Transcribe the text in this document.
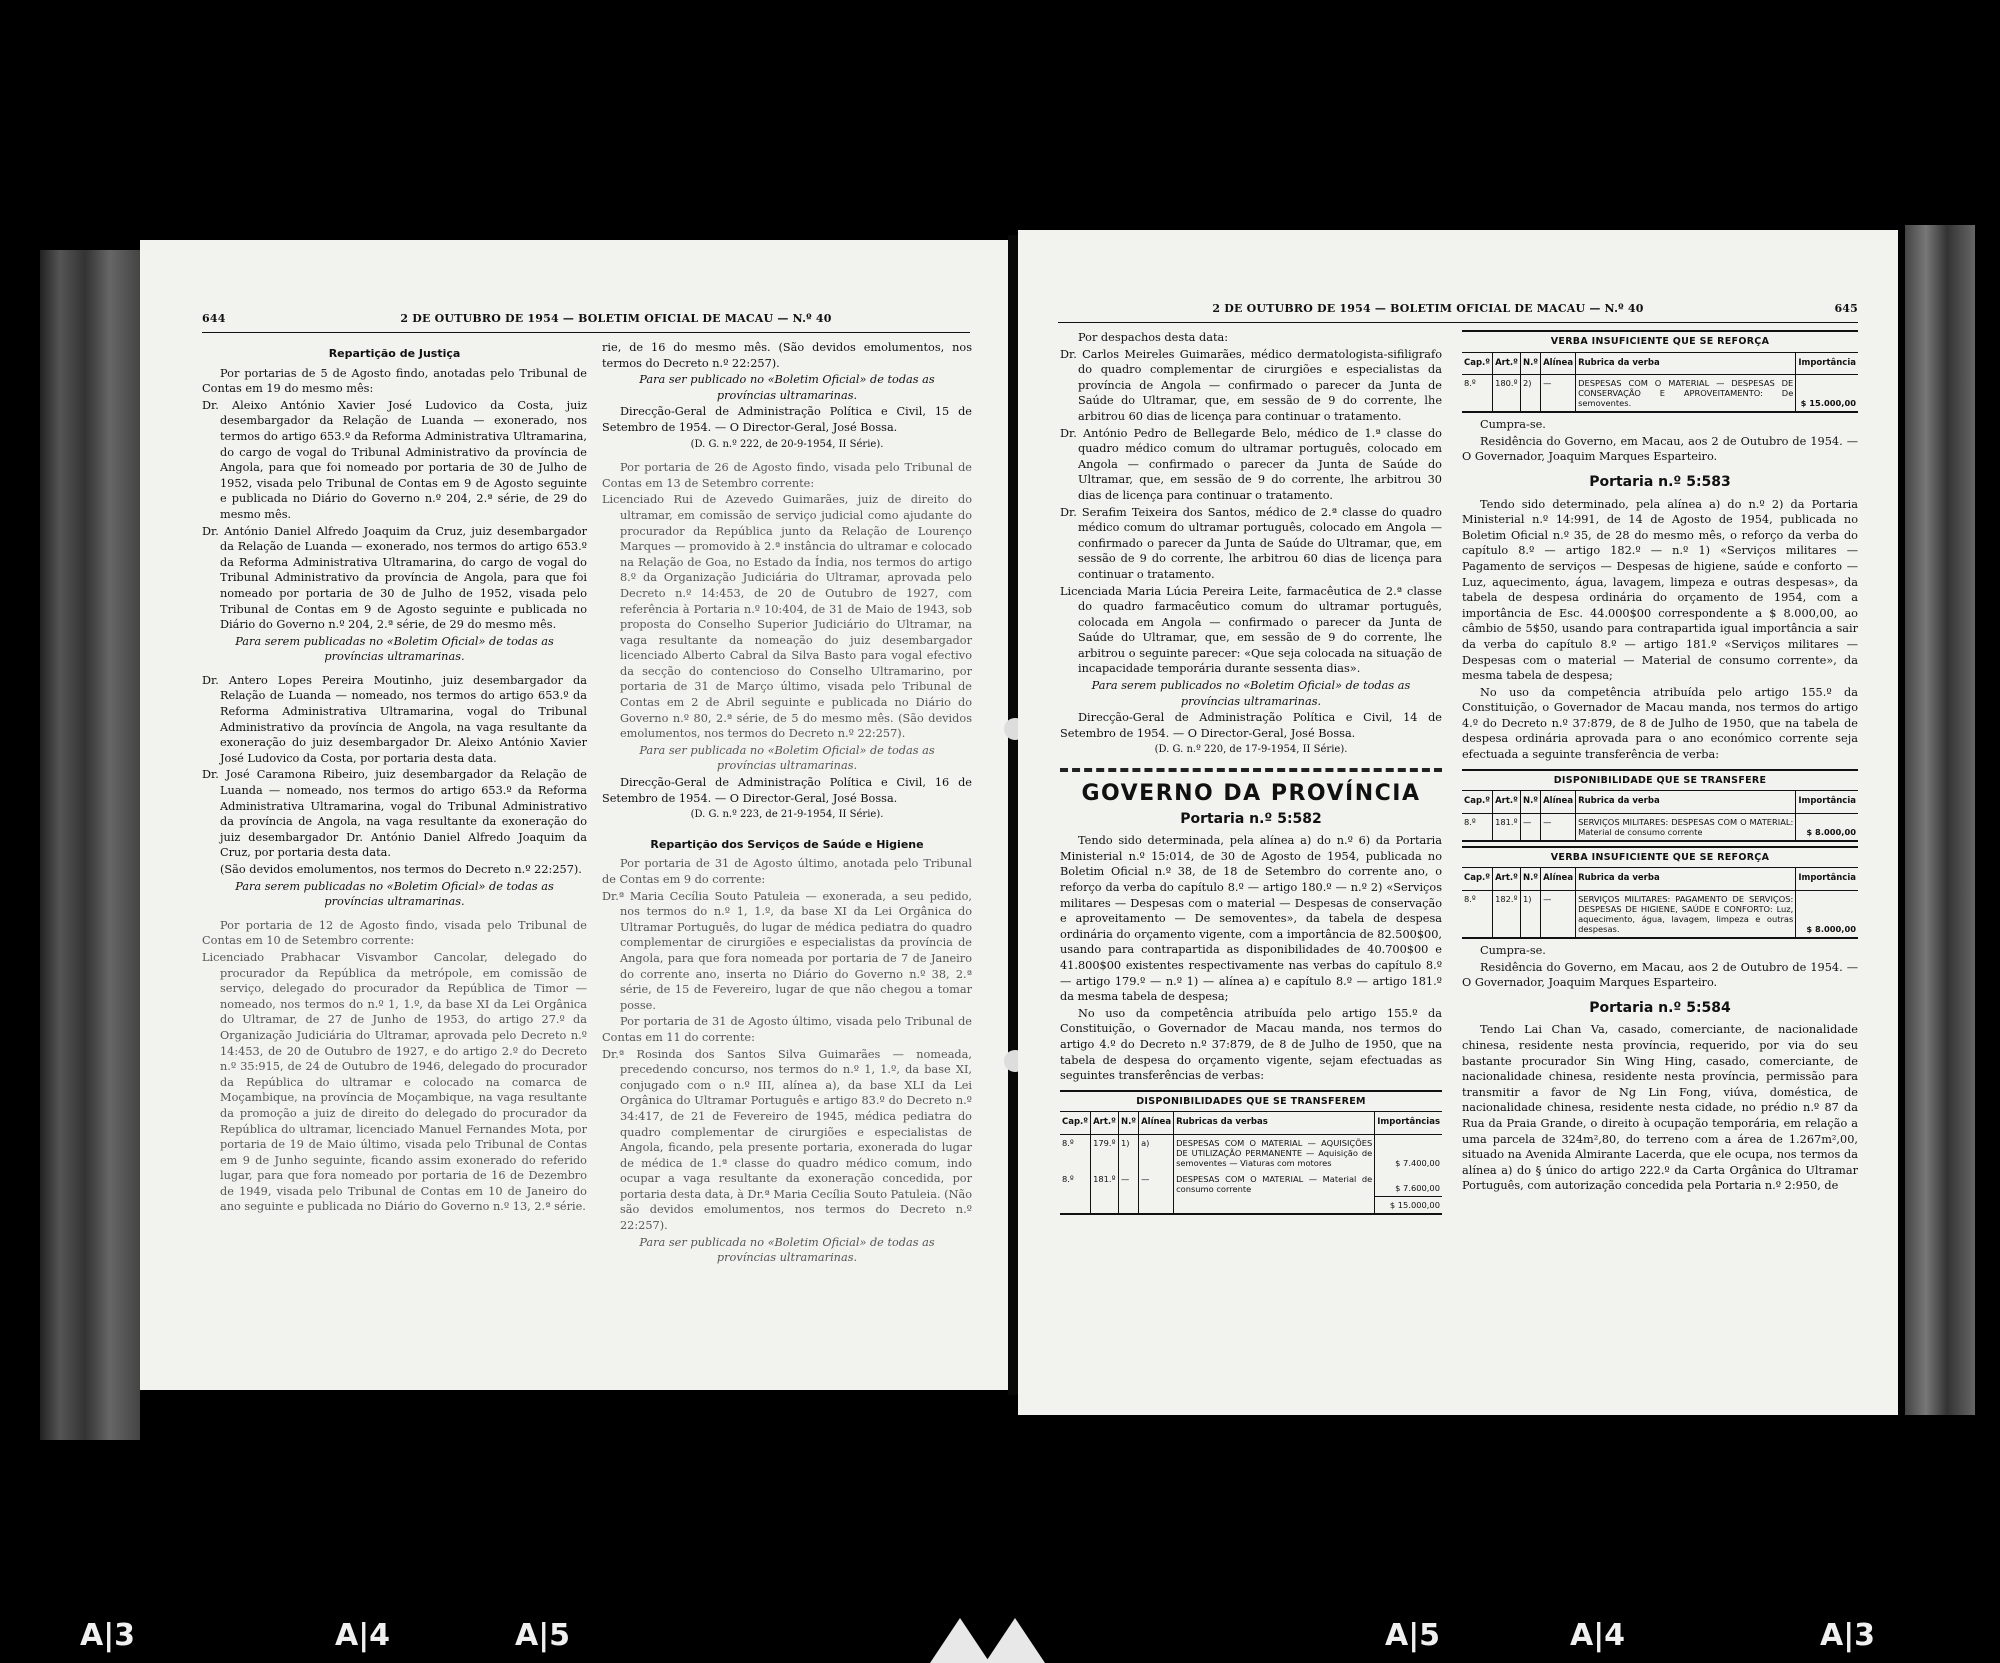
644	2 DE OUTUBRO DE 1954 — BOLETIM OFICIAL DE MACAU — N.º 40
Repartição de Justiça

Por portarias de 5 de Agosto findo, anotadas pelo Tribunal de Contas em 19 do mesmo mês:

Dr. Aleixo António Xavier José Ludovico da Costa, juiz desembargador da Relação de Luanda — exonerado, nos termos do artigo 653.º da Reforma Administrativa Ultramarina, do cargo de vogal do Tribunal Administrativo da província de Angola, para que foi nomeado por portaria de 30 de Julho de 1952, visada pelo Tribunal de Contas em 9 de Agosto seguinte e publicada no Diário do Governo n.º 204, 2.ª série, de 29 do mesmo mês.

Dr. António Daniel Alfredo Joaquim da Cruz, juiz desembargador da Relação de Luanda — exonerado, nos termos do artigo 653.º da Reforma Administrativa Ultramarina, do cargo de vogal do Tribunal Administrativo da província de Angola, para que foi nomeado por portaria de 30 de Julho de 1952, visada pelo Tribunal de Contas em 9 de Agosto seguinte e publicada no Diário do Governo n.º 204, 2.ª série, de 29 do mesmo mês.

Para serem publicadas no «Boletim Oficial» de todas as províncias ultramarinas.

Dr. Antero Lopes Pereira Moutinho, juiz desembargador da Relação de Luanda — nomeado, nos termos do artigo 653.º da Reforma Administrativa Ultramarina, vogal do Tribunal Administrativo da província de Angola, na vaga resultante da exoneração do juiz desembargador Dr. Aleixo António Xavier José Ludovico da Costa, por portaria desta data.

Dr. José Caramona Ribeiro, juiz desembargador da Relação de Luanda — nomeado, nos termos do artigo 653.º da Reforma Administrativa Ultramarina, vogal do Tribunal Administrativo da província de Angola, na vaga resultante da exoneração do juiz desembargador Dr. António Daniel Alfredo Joaquim da Cruz, por portaria desta data.

(São devidos emolumentos, nos termos do Decreto n.º 22:257).

Para serem publicadas no «Boletim Oficial» de todas as províncias ultramarinas.

Por portaria de 12 de Agosto findo, visada pelo Tribunal de Contas em 10 de Setembro corrente:

Licenciado Prabhacar Visvambor Cancolar, delegado do procurador da República da metrópole, em comissão de serviço, delegado do procurador da República de Timor — nomeado, nos termos do n.º 1, 1.º, da base XI da Lei Orgânica do Ultramar, de 27 de Junho de 1953, do artigo 27.º da Organização Judiciária do Ultramar, aprovada pelo Decreto n.º 14:453, de 20 de Outubro de 1927, e do artigo 2.º do Decreto n.º 35:915, de 24 de Outubro de 1946, delegado do procurador da República do ultramar e colocado na comarca de Moçambique, na província de Moçambique, na vaga resultante da promoção a juiz de direito do delegado do procurador da República do ultramar, licenciado Manuel Fernandes Mota, por portaria de 19 de Maio último, visada pelo Tribunal de Contas em 9 de Junho seguinte, ficando assim exonerado do referido lugar, para que fora nomeado por portaria de 16 de Dezembro de 1949, visada pelo Tribunal de Contas em 10 de Janeiro do ano seguinte e publicada no Diário do Governo n.º 13, 2.ª série.

rie, de 16 do mesmo mês. (São devidos emolumentos, nos termos do Decreto n.º 22:257).

Para ser publicado no «Boletim Oficial» de todas as províncias ultramarinas.

Direcção-Geral de Administração Política e Civil, 15 de Setembro de 1954. — O Director-Geral, José Bossa.

(D. G. n.º 222, de 20-9-1954, II Série).

Por portaria de 26 de Agosto findo, visada pelo Tribunal de Contas em 13 de Setembro corrente:

Licenciado Rui de Azevedo Guimarães, juiz de direito do ultramar, em comissão de serviço judicial como ajudante do procurador da República junto da Relação de Lourenço Marques — promovido à 2.ª instância do ultramar e colocado na Relação de Goa, no Estado da Índia, nos termos do artigo 8.º da Organização Judiciária do Ultramar, aprovada pelo Decreto n.º 14:453, de 20 de Outubro de 1927, com referência à Portaria n.º 10:404, de 31 de Maio de 1943, sob proposta do Conselho Superior Judiciário do Ultramar, na vaga resultante da nomeação do juiz desembargador licenciado Alberto Cabral da Silva Basto para vogal efectivo da secção do contencioso do Conselho Ultramarino, por portaria de 31 de Março último, visada pelo Tribunal de Contas em 2 de Abril seguinte e publicada no Diário do Governo n.º 80, 2.ª série, de 5 do mesmo mês. (São devidos emolumentos, nos termos do Decreto n.º 22:257).

Para ser publicada no «Boletim Oficial» de todas as províncias ultramarinas.

Direcção-Geral de Administração Política e Civil, 16 de Setembro de 1954. — O Director-Geral, José Bossa.

(D. G. n.º 223, de 21-9-1954, II Série).

Repartição dos Serviços de Saúde e Higiene

Por portaria de 31 de Agosto último, anotada pelo Tribunal de Contas em 9 do corrente:

Dr.ª Maria Cecília Souto Patuleia — exonerada, a seu pedido, nos termos do n.º 1, 1.º, da base XI da Lei Orgânica do Ultramar Português, do lugar de médica pediatra do quadro complementar de cirurgiões e especialistas da província de Angola, para que fora nomeada por portaria de 7 de Janeiro do corrente ano, inserta no Diário do Governo n.º 38, 2.ª série, de 15 de Fevereiro, lugar de que não chegou a tomar posse.

Por portaria de 31 de Agosto último, visada pelo Tribunal de Contas em 11 do corrente:

Dr.ª Rosinda dos Santos Silva Guimarães — nomeada, precedendo concurso, nos termos do n.º 1, 1.º, da base XI, conjugado com o n.º III, alínea a), da base XLI da Lei Orgânica do Ultramar Português e artigo 83.º do Decreto n.º 34:417, de 21 de Fevereiro de 1945, médica pediatra do quadro complementar de cirurgiões e especialistas de Angola, ficando, pela presente portaria, exonerada do lugar de médica de 1.ª classe do quadro médico comum, indo ocupar a vaga resultante da exoneração concedida, por portaria desta data, à Dr.ª Maria Cecília Souto Patuleia. (Não são devidos emolumentos, nos termos do Decreto n.º 22:257).

Para ser publicada no «Boletim Oficial» de todas as províncias ultramarinas.

2 DE OUTUBRO DE 1954 — BOLETIM OFICIAL DE MACAU — N.º 40	645

Por despachos desta data:

Dr. Carlos Meireles Guimarães, médico dermatologista-sifiligrafo do quadro complementar de cirurgiões e especialistas da província de Angola — confirmado o parecer da Junta de Saúde do Ultramar, que, em sessão de 9 do corrente, lhe arbitrou 60 dias de licença para continuar o tratamento.

Dr. António Pedro de Bellegarde Belo, médico de 1.ª classe do quadro médico comum do ultramar português, colocado em Angola — confirmado o parecer da Junta de Saúde do Ultramar, que, em sessão de 9 do corrente, lhe arbitrou 30 dias de licença para continuar o tratamento.

Dr. Serafim Teixeira dos Santos, médico de 2.ª classe do quadro médico comum do ultramar português, colocado em Angola — confirmado o parecer da Junta de Saúde do Ultramar, que, em sessão de 9 do corrente, lhe arbitrou 60 dias de licença para continuar o tratamento.

Licenciada Maria Lúcia Pereira Leite, farmacêutica de 2.ª classe do quadro farmacêutico comum do ultramar português, colocada em Angola — confirmado o parecer da Junta de Saúde do Ultramar, que, em sessão de 9 do corrente, lhe arbitrou o seguinte parecer: «Que seja colocada na situação de incapacidade temporária durante sessenta dias».

Para serem publicados no «Boletim Oficial» de todas as províncias ultramarinas.

Direcção-Geral de Administração Política e Civil, 14 de Setembro de 1954. — O Director-Geral, José Bossa.

(D. G. n.º 220, de 17-9-1954, II Série).

GOVERNO DA PROVÍNCIA
Portaria n.º 5:582

Tendo sido determinada, pela alínea a) do n.º 6) da Portaria Ministerial n.º 15:014, de 30 de Agosto de 1954, publicada no Boletim Oficial n.º 38, de 18 de Setembro do corrente ano, o reforço da verba do capítulo 8.º — artigo 180.º — n.º 2) «Serviços militares — Despesas com o material — Despesas de conservação e aproveitamento — De semoventes», da tabela de despesa ordinária do orçamento vigente, com a importância de 82.500$00, usando para contrapartida as disponibilidades de 40.700$00 e 41.800$00 existentes respectivamente nas verbas do capítulo 8.º — artigo 179.º — n.º 1) — alínea a) e capítulo 8.º — artigo 181.º da mesma tabela de despesa;

No uso da competência atribuída pelo artigo 155.º da Constituição, o Governador de Macau manda, nos termos do artigo 4.º do Decreto n.º 37:879, de 8 de Julho de 1950, que na tabela de despesa do orçamento vigente, sejam efectuadas as seguintes transferências de verbas:

DISPONIBILIDADES QUE SE TRANSFEREM
Cap.º	Art.º	N.º	Alínea	Rubricas da verbas	Importâncias
8.º	179.º	1)	a)	DESPESAS COM O MATERIAL — AQUISIÇÕES DE UTILIZAÇÃO PERMANENTE — Aquisição de semoventes — Viaturas com motores	$ 7.400,00
8.º	181.º	—	—	DESPESAS COM O MATERIAL — Material de consumo corrente	$ 7.600,00
					$ 15.000,00
VERBA INSUFICIENTE QUE SE REFORÇA
Cap.º	Art.º	N.º	Alínea	Rubrica da verba	Importância
8.º	180.º	2)	—	DESPESAS COM O MATERIAL — DESPESAS DE CONSERVAÇÃO E APROVEITAMENTO: De semoventes.	$ 15.000,00

Cumpra-se.

Residência do Governo, em Macau, aos 2 de Outubro de 1954. — O Governador, Joaquim Marques Esparteiro.

Portaria n.º 5:583

Tendo sido determinado, pela alínea a) do n.º 2) da Portaria Ministerial n.º 14:991, de 14 de Agosto de 1954, publicada no Boletim Oficial n.º 35, de 28 do mesmo mês, o reforço da verba do capítulo 8.º — artigo 182.º — n.º 1) «Serviços militares — Pagamento de serviços — Despesas de higiene, saúde e conforto — Luz, aquecimento, água, lavagem, limpeza e outras despesas», da tabela de despesa ordinária do orçamento de 1954, com a importância de Esc. 44.000$00 correspondente a $ 8.000,00, ao câmbio de 5$50, usando para contrapartida igual importância a sair da verba do capítulo 8.º — artigo 181.º «Serviços militares — Despesas com o material — Material de consumo corrente», da mesma tabela de despesa;

No uso da competência atribuída pelo artigo 155.º da Constituição, o Governador de Macau manda, nos termos do artigo 4.º do Decreto n.º 37:879, de 8 de Julho de 1950, que na tabela de despesa ordinária aprovada para o ano económico corrente seja efectuada a seguinte transferência de verba:

DISPONIBILIDADE QUE SE TRANSFERE
Cap.º	Art.º	N.º	Alínea	Rubrica da verba	Importância
8.º	181.º	—	—	SERVIÇOS MILITARES: DESPESAS COM O MATERIAL: Material de consumo corrente	$ 8.000,00
VERBA INSUFICIENTE QUE SE REFORÇA
Cap.º	Art.º	N.º	Alínea	Rubrica da verba	Importância
8.º	182.º	1)	—	SERVIÇOS MILITARES: PAGAMENTO DE SERVIÇOS: DESPESAS DE HIGIENE, SAÚDE E CONFORTO: Luz, aquecimento, água, lavagem, limpeza e outras despesas.	$ 8.000,00

Cumpra-se.

Residência do Governo, em Macau, aos 2 de Outubro de 1954. — O Governador, Joaquim Marques Esparteiro.

Portaria n.º 5:584

Tendo Lai Chan Va, casado, comerciante, de nacionalidade chinesa, residente nesta província, requerido, por via do seu bastante procurador Sin Wing Hing, casado, comerciante, de nacionalidade chinesa, residente nesta província, permissão para transmitir a favor de Ng Lin Fong, viúva, doméstica, de nacionalidade chinesa, residente nesta cidade, no prédio n.º 87 da Rua da Praia Grande, o direito à ocupação temporária, em relação a uma parcela de 324m²,80, do terreno com a área de 1.267m²,00, situado na Avenida Almirante Lacerda, que ele ocupa, nos termos da alínea a) do § único do artigo 222.º da Carta Orgânica do Ultramar Português, com autorização concedida pela Portaria n.º 2:950, de

A|3	A|4	A|5	A|5	A|4	A|3
